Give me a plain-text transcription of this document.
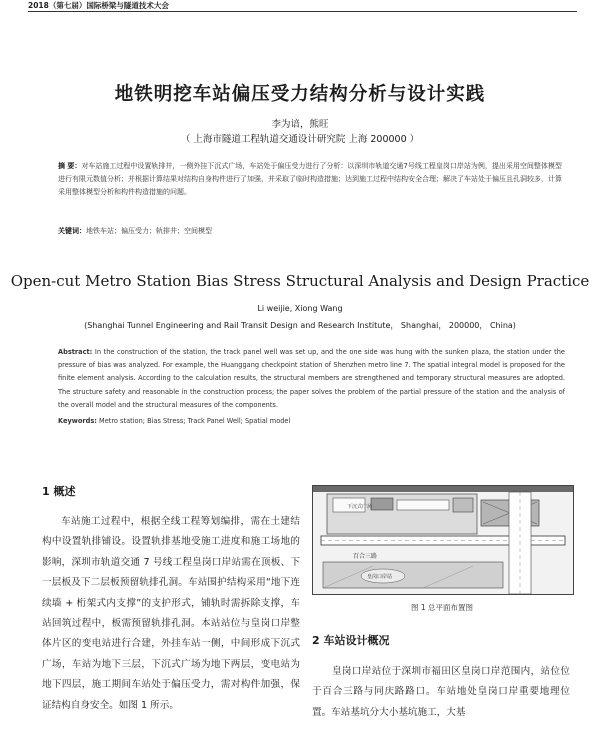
2018（第七届）国际桥梁与隧道技术大会
地铁明挖车站偏压受力结构分析与设计实践
李为谙，熊旺
（ 上海市隧道工程轨道交通设计研究院 上海 200000 ）
摘 要：对车站施工过程中设置轨排井，一侧外挂下沉式广场，车站处于偏压受力进行了分析：以深圳市轨道交通7号线工程皇岗口岸站为例，提出采用空间整体模型进行有限元数值分析；并根据计算结果对结构自身构件进行了加强，并采取了临时构造措施；达到施工过程中结构安全合理；解决了车站处于偏压且孔洞较多，计算采用整体模型分析和构件构造措施的问题。
关键词：地铁车站；偏压受力；轨排井；空间模型
Open-cut Metro Station Bias Stress Structural Analysis and Design Practice
Li weijie, Xiong Wang
(Shanghai Tunnel Engineering and Rail Transit Design and Research Institute， Shanghai， 200000， China)
Abstract: In the construction of the station, the track panel well was set up, and the one side was hung with the sunken plaza, the station under the pressure of bias was analyzed. For example, the Huanggang checkpoint station of Shenzhen metro line 7. The spatial integral model is proposed for the finite element analysis. According to the calculation results, the structural members are strengthened and temporary structural measures are adopted. The structure safety and reasonable in the construction process; the paper solves the problem of the partial pressure of the station and the analysis of the overall model and the structural measures of the components.
Keywords: Metro station; Bias Stress; Track Panel Well; Spatial model
1 概述
车站施工过程中，根据全线工程筹划编排，需在土建结构中设置轨排铺设。设置轨排基地受施工进度和施工场地的影响，深圳市轨道交通 7 号线工程皇岗口岸站需在顶板、下一层板及下二层板预留轨排孔洞。车站围护结构采用“地下连续墙 + 桁架式内支撑”的支护形式，铺轨时需拆除支撑，车站回筑过程中，板需预留轨排孔洞。本站站位与皇岗口岸整体片区的变电站进行合建，外挂车站一侧，中间形成下沉式广场，车站为地下三层，下沉式广场为地下两层，变电站为地下四层，施工期间车站处于偏压受力，需对构件加强，保证结构自身安全。如图 1 所示。
百合三路
下沉式广场
皇岗口岸站
图 1 总平面布置图
2 车站设计概况
皇岗口岸站位于深圳市福田区皇岗口岸范围内，站位位于百合三路与同庆路路口。车站地处皇岗口岸重要地理位置。车站基坑分大小基坑施工，大基
